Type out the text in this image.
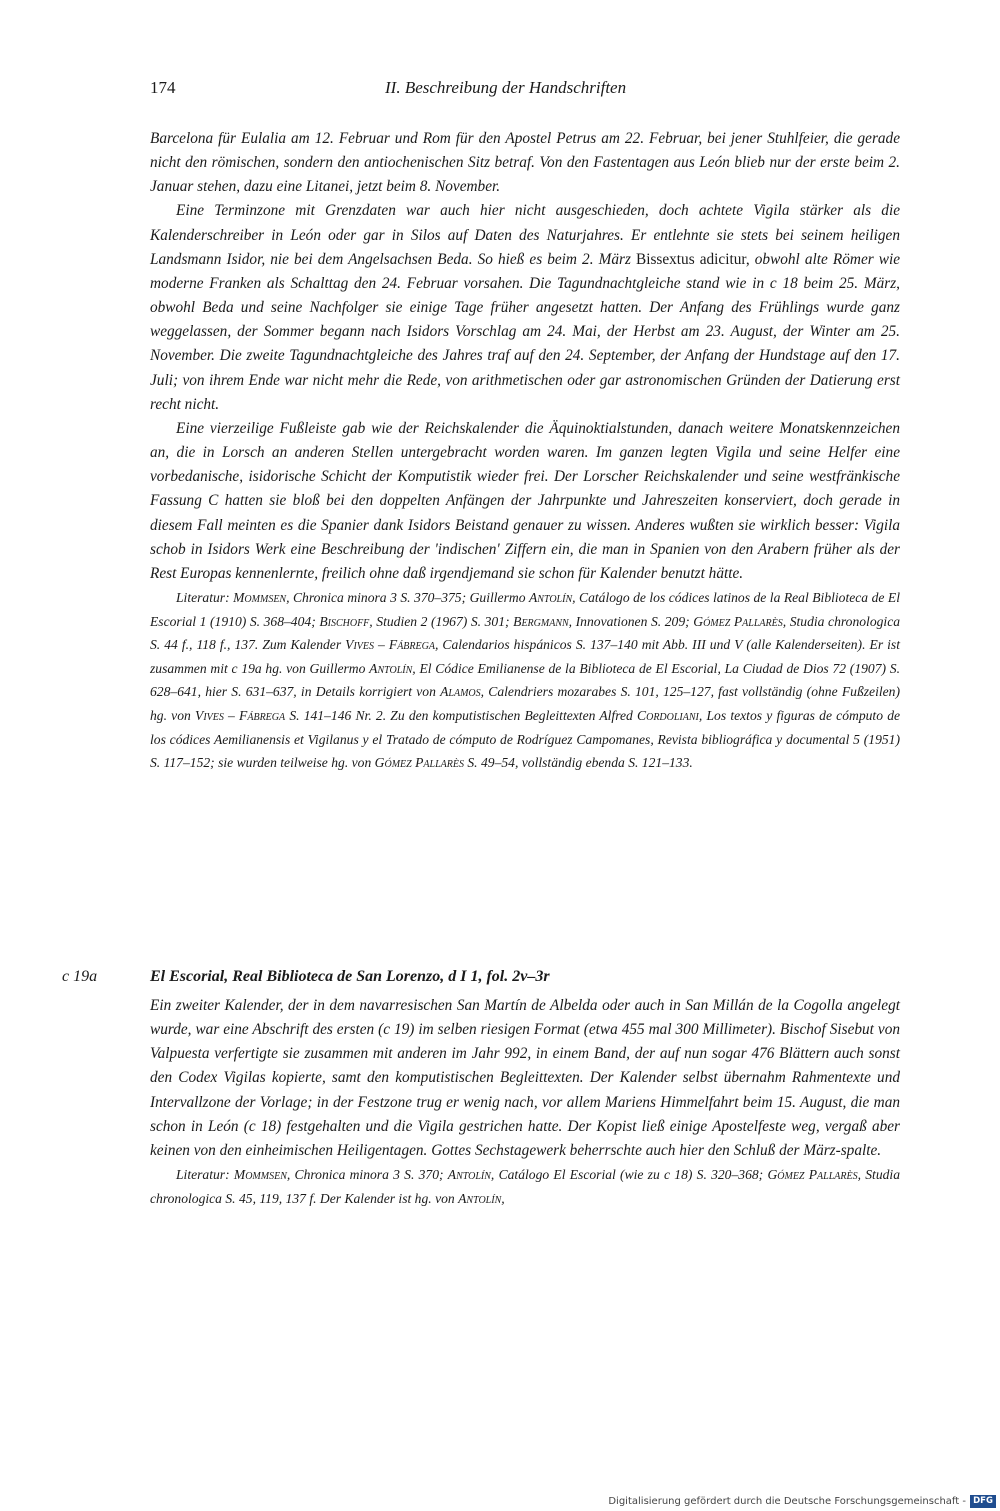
174	II. Beschreibung der Handschriften

Barcelona für Eulalia am 12. Februar und Rom für den Apostel Petrus am 22. Februar, bei jener Stuhlfeier, die gerade nicht den römischen, sondern den antiochenischen Sitz betraf. Von den Fastentagen aus León blieb nur der erste beim 2. Januar stehen, dazu eine Litanei, jetzt beim 8. November.

Eine Terminzone mit Grenzdaten war auch hier nicht ausgeschieden, doch achtete Vigila stärker als die Kalenderschreiber in León oder gar in Silos auf Daten des Naturjahres. Er entlehnte sie stets bei seinem heiligen Landsmann Isidor, nie bei dem Angelsachsen Beda. So hieß es beim 2. März Bissextus adicitur, obwohl alte Römer wie moderne Franken als Schalttag den 24. Februar vorsahen. Die Tagundnachtgleiche stand wie in c 18 beim 25. März, obwohl Beda und seine Nachfolger sie einige Tage früher angesetzt hatten. Der Anfang des Frühlings wurde ganz weggelassen, der Sommer begann nach Isidors Vorschlag am 24. Mai, der Herbst am 23. August, der Winter am 25. November. Die zweite Tagundnachtgleiche des Jahres traf auf den 24. September, der Anfang der Hundstage auf den 17. Juli; von ihrem Ende war nicht mehr die Rede, von arithmetischen oder gar astronomischen Gründen der Datierung erst recht nicht.

Eine vierzeilige Fußleiste gab wie der Reichskalender die Äquinoktialstunden, danach weitere Monatskennzeichen an, die in Lorsch an anderen Stellen untergebracht worden waren. Im ganzen legten Vigila und seine Helfer eine vorbedanische, isidorische Schicht der Komputistik wieder frei. Der Lorscher Reichskalender und seine westfränkische Fassung C hatten sie bloß bei den doppelten Anfängen der Jahrpunkte und Jahreszeiten konserviert, doch gerade in diesem Fall meinten es die Spanier dank Isidors Beistand genauer zu wissen. Anderes wußten sie wirklich besser: Vigila schob in Isidors Werk eine Beschreibung der 'indischen' Ziffern ein, die man in Spanien von den Arabern früher als der Rest Europas kennenlernte, freilich ohne daß irgendjemand sie schon für Kalender benutzt hätte.

Literatur: Mommsen, Chronica minora 3 S. 370–375; Guillermo Antolín, Catálogo de los códices latinos de la Real Biblioteca de El Escorial 1 (1910) S. 368–404; Bischoff, Studien 2 (1967) S. 301; Bergmann, Innovationen S. 209; Gómez Pallarès, Studia chronologica S. 44 f., 118 f., 137. Zum Kalender Vives – Fábrega, Calendarios hispánicos S. 137–140 mit Abb. III und V (alle Kalenderseiten). Er ist zusammen mit c 19a hg. von Guillermo Antolín, El Códice Emilianense de la Biblioteca de El Escorial, La Ciudad de Dios 72 (1907) S. 628–641, hier S. 631–637, in Details korrigiert von Alamos, Calendriers mozarabes S. 101, 125–127, fast vollständig (ohne Fußzeilen) hg. von Vives – Fábrega S. 141–146 Nr. 2. Zu den komputistischen Begleittexten Alfred Cordoliani, Los textos y figuras de cómputo de los códices Aemilianensis et Vigilanus y el Tratado de cómputo de Rodríguez Campomanes, Revista bibliográfica y documental 5 (1951) S. 117–152; sie wurden teilweise hg. von Gómez Pallarès S. 49–54, vollständig ebenda S. 121–133.

c 19a	El Escorial, Real Biblioteca de San Lorenzo, d I 1, fol. 2v–3r

Ein zweiter Kalender, der in dem navarresischen San Martín de Albelda oder auch in San Millán de la Cogolla angelegt wurde, war eine Abschrift des ersten (c 19) im selben riesigen Format (etwa 455 mal 300 Millimeter). Bischof Sisebut von Valpuesta verfertigte sie zusammen mit anderen im Jahr 992, in einem Band, der auf nun sogar 476 Blättern auch sonst den Codex Vigilas kopierte, samt den komputistischen Begleittexten. Der Kalender selbst übernahm Rahmentexte und Intervallzone der Vorlage; in der Festzone trug er wenig nach, vor allem Mariens Himmelfahrt beim 15. August, die man schon in León (c 18) festgehalten und die Vigila gestrichen hatte. Der Kopist ließ einige Apostelfeste weg, vergaß aber keinen von den einheimischen Heiligentagen. Gottes Sechstagewerk beherrschte auch hier den Schluß der März-spalte.

Literatur: Mommsen, Chronica minora 3 S. 370; Antolín, Catálogo El Escorial (wie zu c 18) S. 320–368; Gómez Pallarès, Studia chronologica S. 45, 119, 137 f. Der Kalender ist hg. von Antolín,

Digitalisierung gefördert durch die Deutsche Forschungsgemeinschaft - DFG
